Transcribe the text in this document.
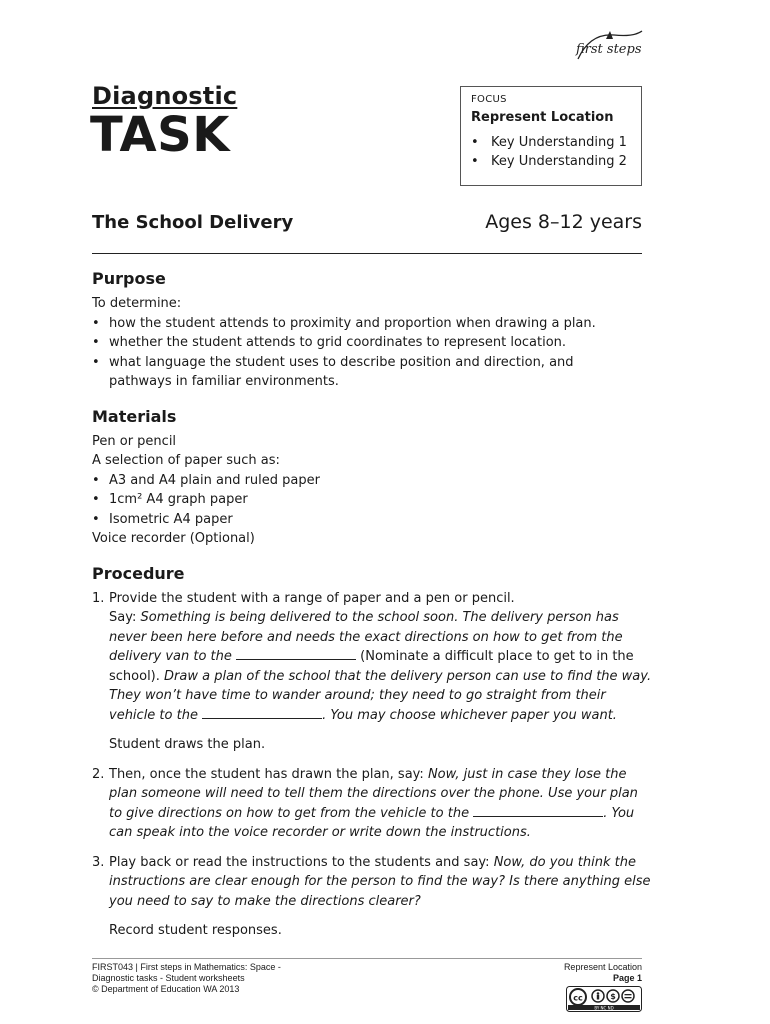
first steps
Diagnostic
TASK
FOCUS
Represent Location
• Key Understanding 1
• Key Understanding 2
The School Delivery	Ages 8–12 years
Purpose
To determine:
• how the student attends to proximity and proportion when drawing a plan.
• whether the student attends to grid coordinates to represent location.
• what language the student uses to describe position and direction, and pathways in familiar environments.
Materials
Pen or pencil
A selection of paper such as:
• A3 and A4 plain and ruled paper
• 1cm² A4 graph paper
• Isometric A4 paper
Voice recorder (Optional)
Procedure
1. Provide the student with a range of paper and a pen or pencil.
Say: Something is being delivered to the school soon. The delivery person has never been here before and needs the exact directions on how to get from the delivery van to the	(Nominate a difficult place to get to in the school). Draw a plan of the school that the delivery person can use to find the way. They won’t have time to wander around; they need to go straight from their vehicle to the	. You may choose whichever paper you want.

Student draws the plan.

2. Then, once the student has drawn the plan, say: Now, just in case they lose the plan someone will need to tell them the directions over the phone. Use your plan to give directions on how to get from the vehicle to the	. You can speak into the voice recorder or write down the instructions.

3. Play back or read the instructions to the students and say: Now, do you think the instructions are clear enough for the person to find the way? Is there anything else you need to say to make the directions clearer?

Record student responses.

FIRST043 | First steps in Mathematics: Space -
Diagnostic tasks - Student worksheets
© Department of Education WA 2013
Represent Location
Page 1
cc	$
BY NC ND
